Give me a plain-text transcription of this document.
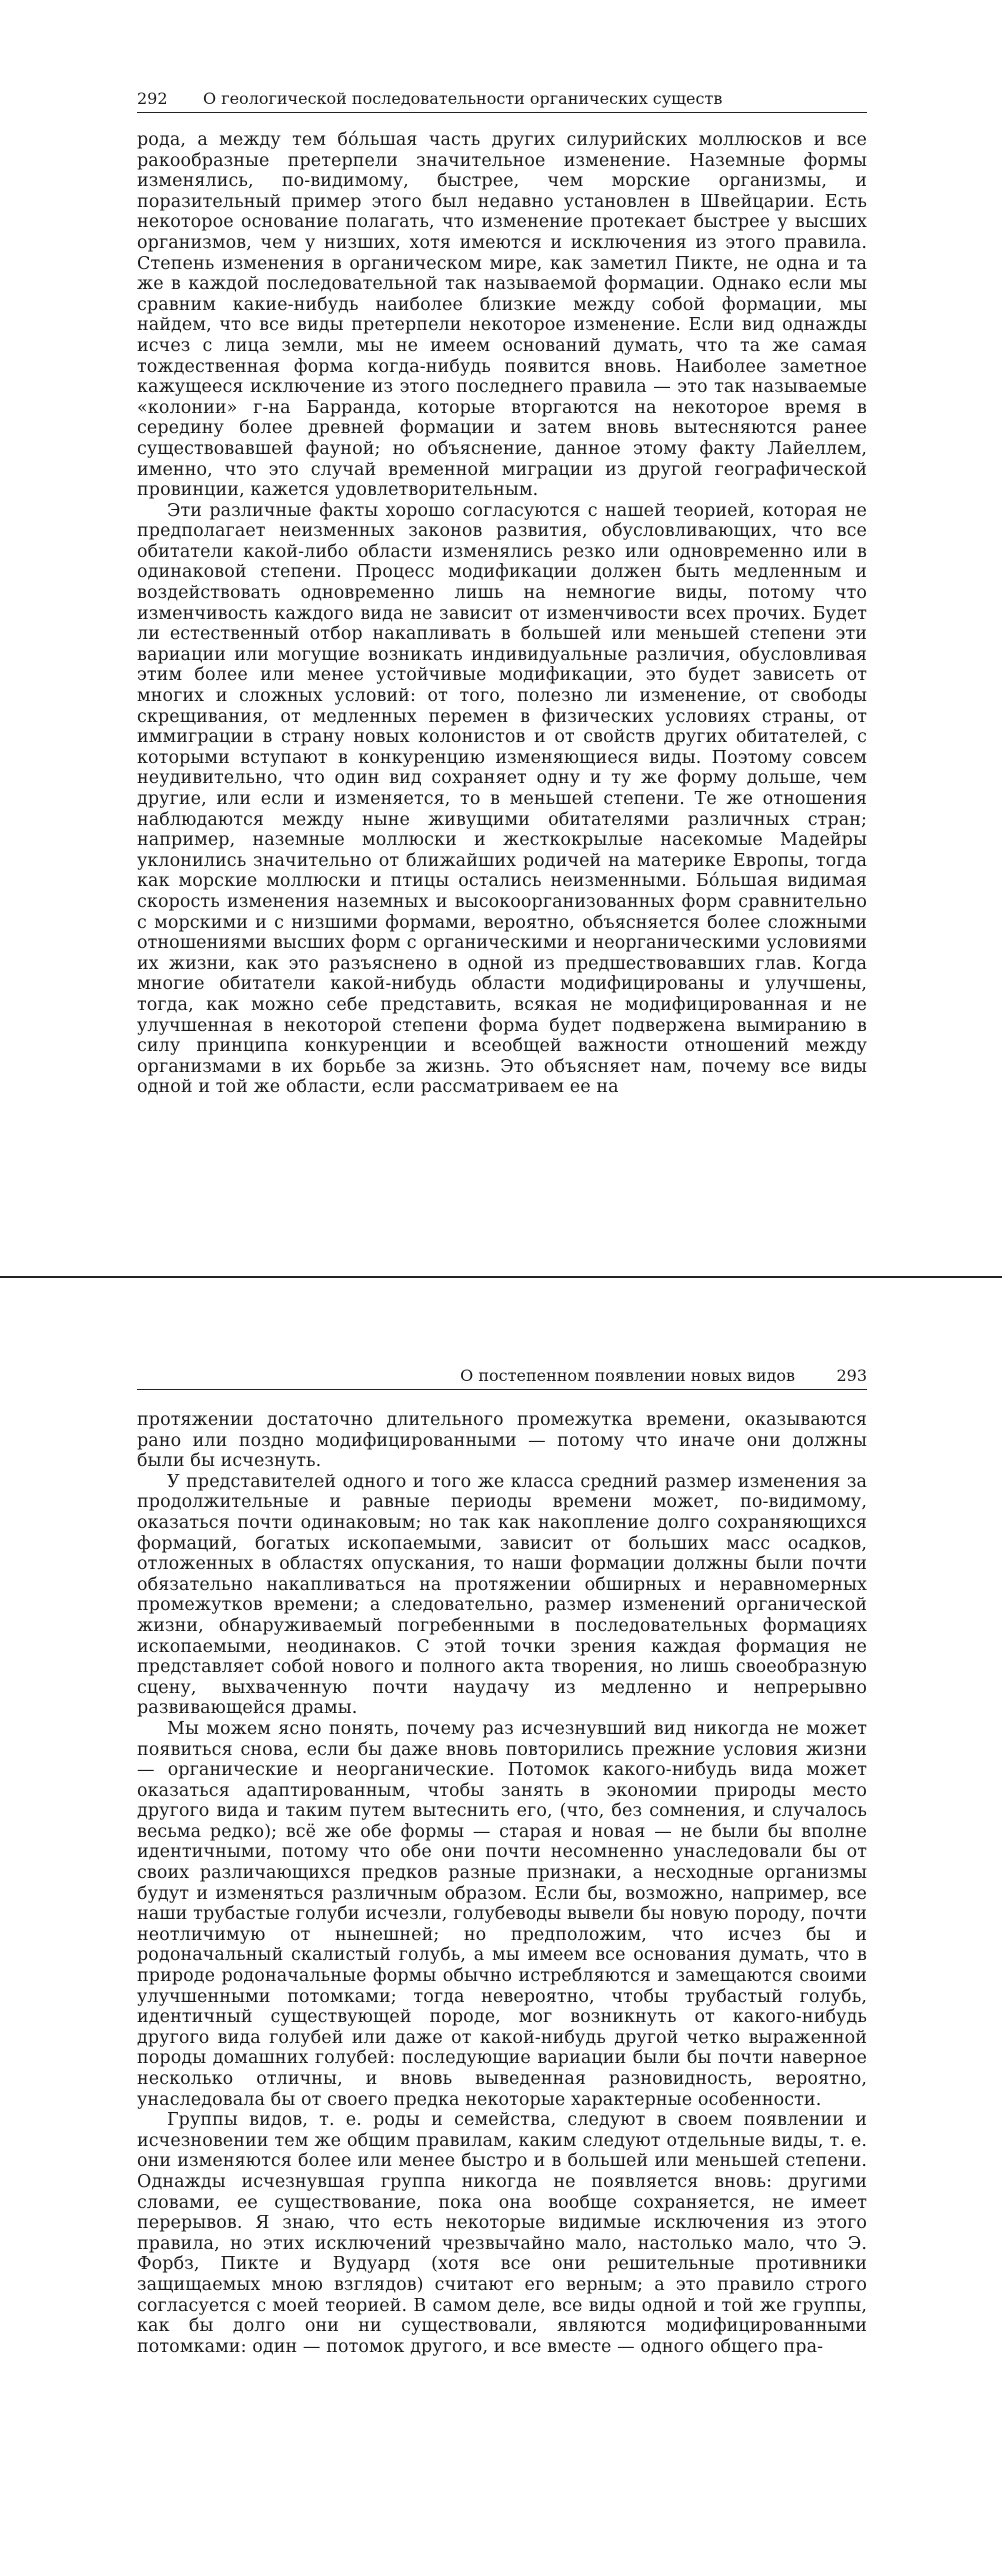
292 О геологической последовательности органических существ

рода, а между тем бóльшая часть других силурийских моллюсков и все ракообразные претерпели значительное изменение. Наземные формы изменялись, по-видимому, быстрее, чем морские организмы, и поразительный пример этого был недавно установлен в Швейцарии. Есть некоторое основание полагать, что изменение протекает быстрее у высших организмов, чем у низших, хотя имеются и исключения из этого правила. Степень изменения в органическом мире, как заметил Пикте, не одна и та же в каждой последовательной так называемой формации. Однако если мы сравним какие-нибудь наиболее близкие между собой формации, мы найдем, что все виды претерпели некоторое изменение. Если вид однажды исчез с лица земли, мы не имеем оснований думать, что та же самая тождественная форма когда-нибудь появится вновь. Наиболее заметное кажущееся исключение из этого последнего правила — это так называемые «колонии» г-на Барранда, которые вторгаются на некоторое время в середину более древней формации и затем вновь вытесняются ранее существовавшей фауной; но объяснение, данное этому факту Лайеллем, именно, что это случай временной миграции из другой географической провинции, кажется удовлетворительным.

Эти различные факты хорошо согласуются с нашей теорией, которая не предполагает неизменных законов развития, обусловливающих, что все обитатели какой-либо области изменялись резко или одновременно или в одинаковой степени. Процесс модификации должен быть медленным и воздействовать одновременно лишь на немногие виды, потому что изменчивость каждого вида не зависит от изменчивости всех прочих. Будет ли естественный отбор накапливать в большей или меньшей степени эти вариации или могущие возникать индивидуальные различия, обусловливая этим более или менее устойчивые модификации, это будет зависеть от многих и сложных условий: от того, полезно ли изменение, от свободы скрещивания, от медленных перемен в физических условиях страны, от иммиграции в страну новых колонистов и от свойств других обитателей, с которыми вступают в конкуренцию изменяющиеся виды. Поэтому совсем неудивительно, что один вид сохраняет одну и ту же форму дольше, чем другие, или если и изменяется, то в меньшей степени. Те же отношения наблюдаются между ныне живущими обитателями различных стран; например, наземные моллюски и жесткокрылые насекомые Мадейры уклонились значительно от ближайших родичей на материке Европы, тогда как морские моллюски и птицы остались неизменными. Бóльшая видимая скорость изменения наземных и высокоорганизованных форм сравнительно с морскими и с низшими формами, вероятно, объясняется более сложными отношениями высших форм с органическими и неорганическими условиями их жизни, как это разъяснено в одной из предшествовавших глав. Когда многие обитатели какой-нибудь области модифицированы и улучшены, тогда, как можно себе представить, всякая не модифицированная и не улучшенная в некоторой степени форма будет подвержена вымиранию в силу принципа конкуренции и всеобщей важности отношений между организмами в их борьбе за жизнь. Это объясняет нам, почему все виды одной и той же области, если рассматриваем ее на

О постепенном появлении новых видов	293

протяжении достаточно длительного промежутка времени, оказываются рано или поздно модифицированными — потому что иначе они должны были бы исчезнуть.

У представителей одного и того же класса средний размер изменения за продолжительные и равные периоды времени может, по-видимому, оказаться почти одинаковым; но так как накопление долго сохраняющихся формаций, богатых ископаемыми, зависит от больших масс осадков, отложенных в областях опускания, то наши формации должны были почти обязательно накапливаться на протяжении обширных и неравномерных промежутков времени; а следовательно, размер изменений органической жизни, обнаруживаемый погребенными в последовательных формациях ископаемыми, неодинаков. С этой точки зрения каждая формация не представляет собой нового и полного акта творения, но лишь своеобразную сцену, выхваченную почти наудачу из медленно и непрерывно развивающейся драмы.

Мы можем ясно понять, почему раз исчезнувший вид никогда не может появиться снова, если бы даже вновь повторились прежние условия жизни — органические и неорганические. Потомок какого-нибудь вида может оказаться адаптированным, чтобы занять в экономии природы место другого вида и таким путем вытеснить его, (что, без сомнения, и случалось весьма редко); всё же обе формы — старая и новая — не были бы вполне идентичными, потому что обе они почти несомненно унаследовали бы от своих различающихся предков разные признаки, а несходные организмы будут и изменяться различным образом. Если бы, возможно, например, все наши трубастые голуби исчезли, голубеводы вывели бы новую породу, почти неотличимую от нынешней; но предположим, что исчез бы и родоначальный скалистый голубь, а мы имеем все основания думать, что в природе родоначальные формы обычно истребляются и замещаются своими улучшенными потомками; тогда невероятно, чтобы трубастый голубь, идентичный существующей породе, мог возникнуть от какого-нибудь другого вида голубей или даже от какой-нибудь другой четко выраженной породы домашних голубей: последующие вариации были бы почти наверное несколько отличны, и вновь выведенная разновидность, вероятно, унаследовала бы от своего предка некоторые характерные особенности.

Группы видов, т. е. роды и семейства, следуют в своем появлении и исчезновении тем же общим правилам, каким следуют отдельные виды, т. е. они изменяются более или менее быстро и в большей или меньшей степени. Однажды исчезнувшая группа никогда не появляется вновь: другими словами, ее существование, пока она вообще сохраняется, не имеет перерывов. Я знаю, что есть некоторые видимые исключения из этого правила, но этих исключений чрезвычайно мало, настолько мало, что Э. Форбз, Пикте и Вудуард (хотя все они решительные противники защищаемых мною взглядов) считают его верным; а это правило строго согласуется с моей теорией. В самом деле, все виды одной и той же группы, как бы долго они ни существовали, являются модифицированными потомками: один — потомок другого, и все вместе — одного общего пра-
